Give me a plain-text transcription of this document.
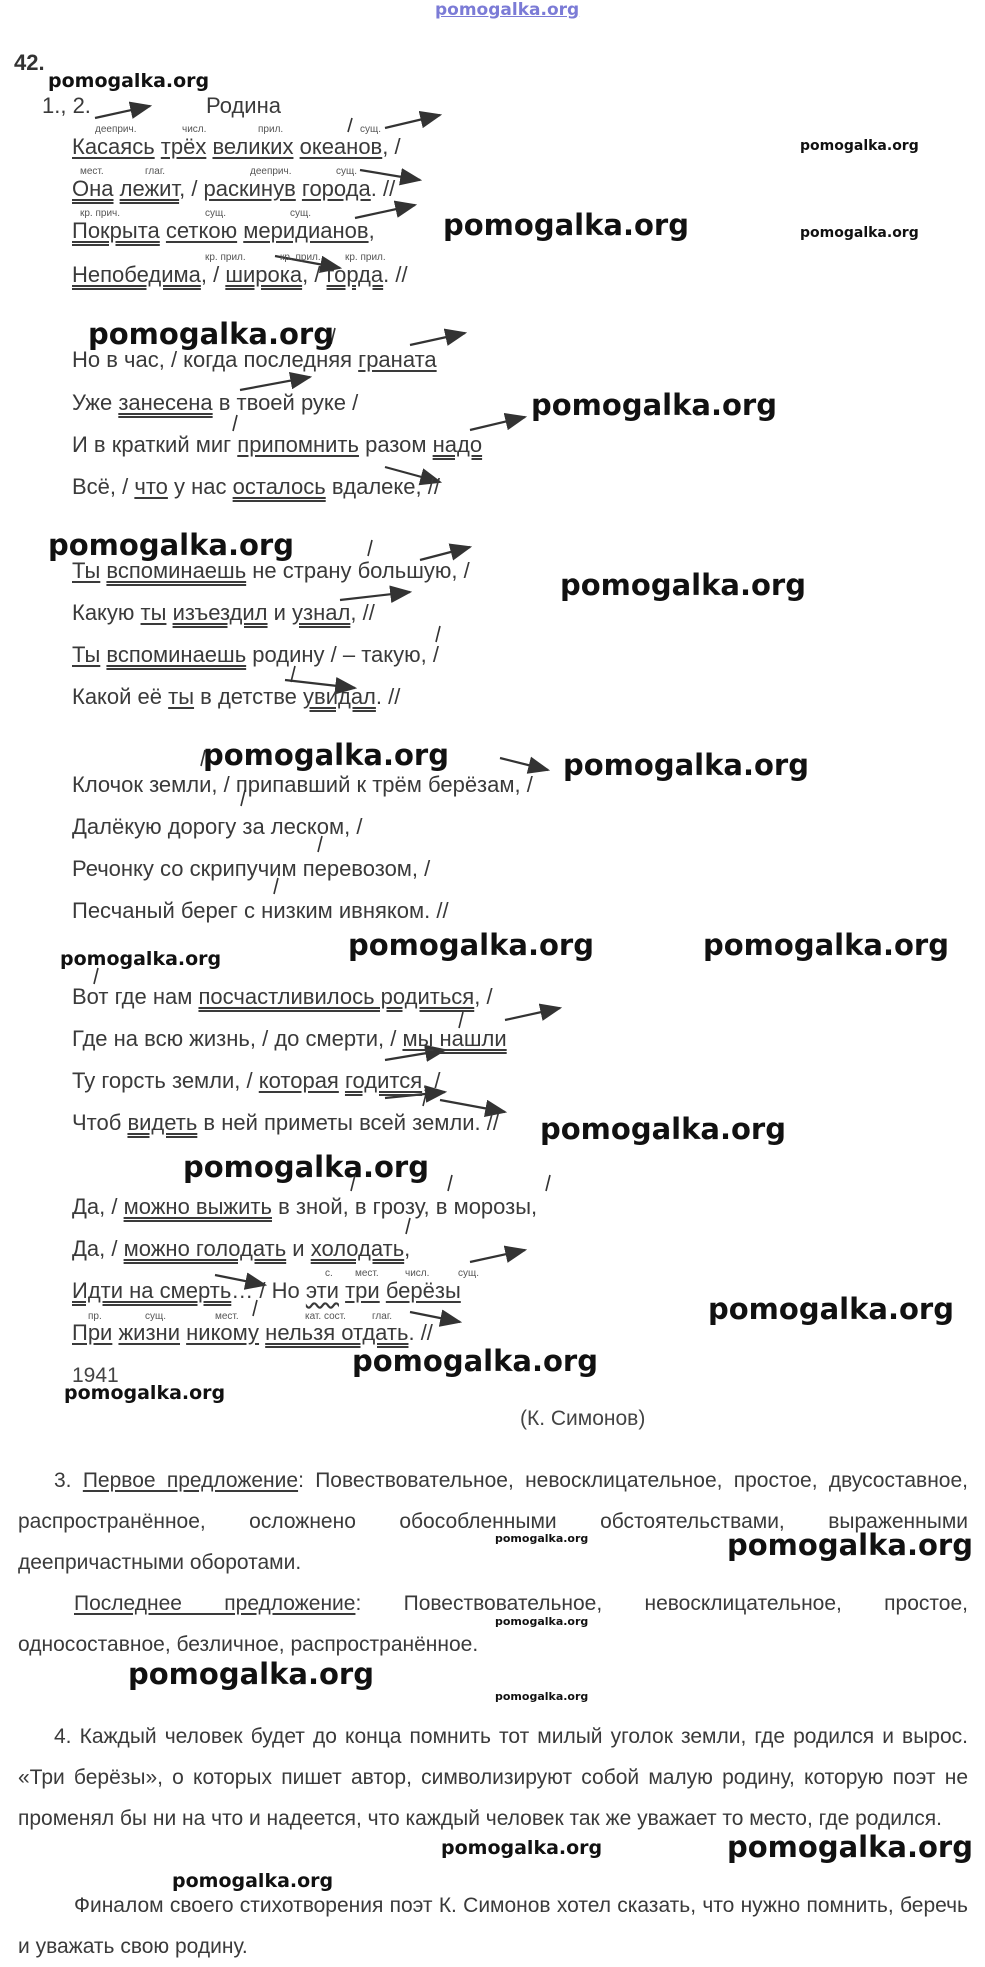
pomogalka.org
42.
pomogalka.org
1., 2.	Родина
дееприч.	числ.	прил.	сущ.
Касаясь трёх великих океанов, /	pomogalka.org
мест.	глаг.	дееприч.	сущ.
Она лежит, / раскинув города. //
кр. прич.	сущ.	сущ.
Покрыта сеткою меридианов, pomogalka.org	pomogalka.org
кр. прил.	кр. прил. кр. прил.
Непобедима, / широка, / горда. //
pomogalka.org
Но в час, / когда последняя граната
Уже занесена в твоей руке /	pomogalka.org
И в краткий миг припомнить разом надо
Всё, / что у нас осталось вдалеке, //
pomogalka.org
Ты вспоминаешь не страну большую, /	pomogalka.org
Какую ты изъездил и узнал, //
Ты вспоминаешь родину / – такую, /
Какой её ты в детстве увидал. //
pomogalka.org	pomogalka.org
Клочок земли, / припавший к трём берёзам, /
Далёкую дорогу за леском, /
Речонку со скрипучим перевозом, /
Песчаный берег с низким ивняком. //
pomogalka.org	pomogalka.org
pomogalka.org
Вот где нам посчастливилось родиться, /
Где на всю жизнь, / до смерти, / мы нашли
Ту горсть земли, / которая годится, /
Чтоб видеть в ней приметы всей земли. // pomogalka.org
pomogalka.org
Да, / можно выжить в зной, в грозу, в морозы,
Да, / можно голодать и холодать,
с. мест.	числ.	сущ.
Идти на смерть… / Но эти три берёзы
пр.	сущ.	мест.	кат. сост.	глаг.
При жизни никому нельзя отдать. //
pomogalka.org
pomogalka.org
1941
pomogalka.org
(К. Симонов)
3. Первое предложение: Повествовательное, невосклицательное, простое, двусоставное, распространённое, осложнено обособленными обстоятельствами, выраженными деепричастными оборотами.
pomogalka.org	pomogalka.org
Последнее предложение: Повествовательное, невосклицательное, простое, односоставное, безличное, распространённое.
pomogalka.org
pomogalka.org
pomogalka.org
4. Каждый человек будет до конца помнить тот милый уголок земли, где родился и вырос. «Три берёзы», о которых пишет автор, символизируют собой малую родину, которую поэт не променял бы ни на что и надеется, что каждый человек так же уважает то место, где родился.
pomogalka.org	pomogalka.org
pomogalka.org
Финалом своего стихотворения поэт К. Симонов хотел сказать, что нужно помнить, беречь и уважать свою родину.
